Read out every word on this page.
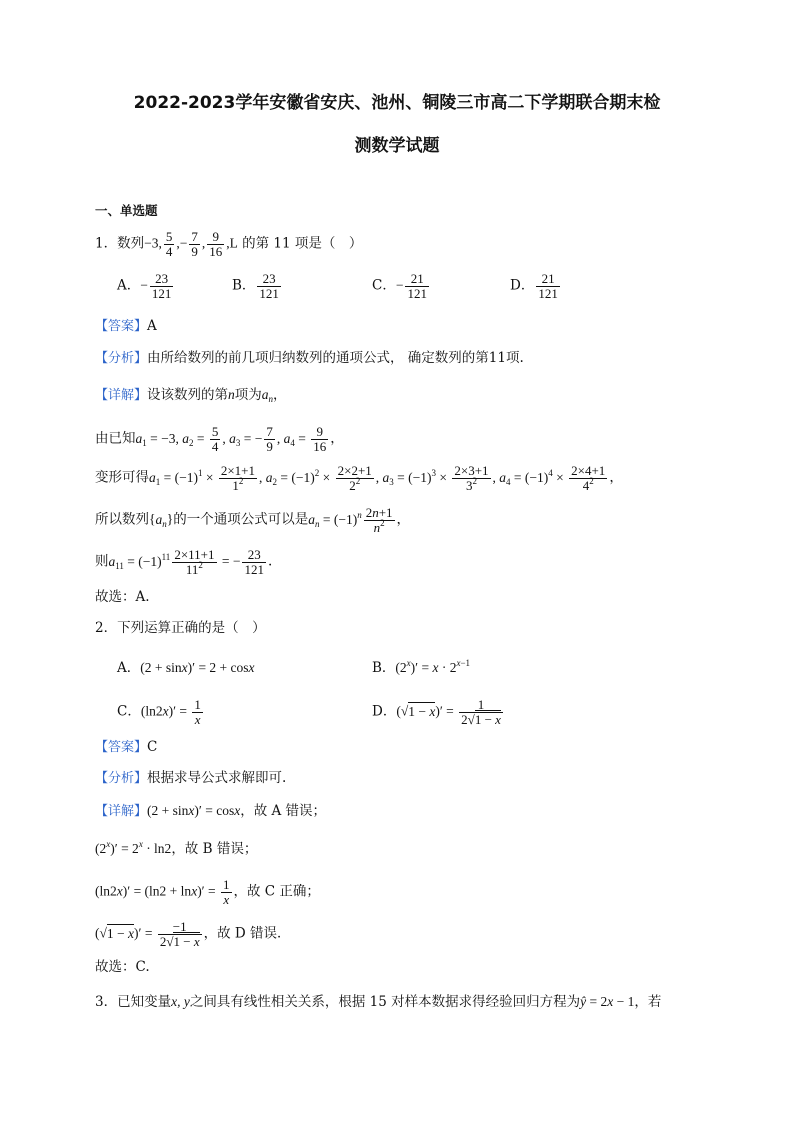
2022-2023学年安徽省安庆、池州、铜陵三市高二下学期联合期末检
测数学试题
一、单选题
1．数列−3, $\frac{5}{4}$ ,− $\frac{7}{9}$ , $\frac{9}{16} ,L$ 的第 11 项是（　）
A．− $\frac{23}{121}$	B． $\frac{23}{121}$	C．− $\frac{21}{121}$	D． $\frac{21}{121}$
【答案】A
【分析】由所给数列的前几项归纳数列的通项公式， 确定数列的第11项.
【详解】设该数列的第n项为$a_n$，
由已知$a_1 = -3$, $a_2 = \frac{5}{4}$ , $a_3$ = − $\frac{7}{9}$ , $a_4 = \frac{9}{16}$ ，
变形可得$a_1 = (-1)^1 \times \frac{2\times 1+1}{1^2}$ , $a_2 = (-1)^2 \times \frac{2\times 2+1}{2^2}$ , $a_3 = (-1)^3 \times \frac{2\times 3+1}{3^2}$ , $a_4 = (-1)^4 \times \frac{2\times 4+1}{4^2}$ ，
所以数列$\{a_n\}$的一个通项公式可以是$a_n = (-1)^n \frac{2n+1}{n^2}$ ，
则$a_{11} = (-1)^{11} \frac{2\times 11+1}{11^2}$ = − $\frac{23}{121}$ .
故选：A.
2．下列运算正确的是（　）
A．(2 + sinx)′ = 2 + cosx	B．$(2^x)' = x \cdot 2^{x-1}$
C．$(\ln 2x)' = \frac{1}{x}$	D．$(√1 - x)' = \frac{1}{2√1 - x}$
【答案】C
【分析】根据求导公式求解即可.
【详解】(2 + sinx)′ = cosx，故 A 错误；
$(2^x)' = 2^x \cdot \ln 2$，故 B 错误；
$(\ln 2x)' = (\ln 2 + \ln x)' = \frac{1}{x}$ ，故 C 正确；
$(√1 - x)' = \frac{-1}{2√1 - x}$ ，故 D 错误．
故选：C.
3．已知变量x, y之间具有线性相关关系，根据 15 对样本数据求得经验回归方程为ŷ = 2x − 1，若
